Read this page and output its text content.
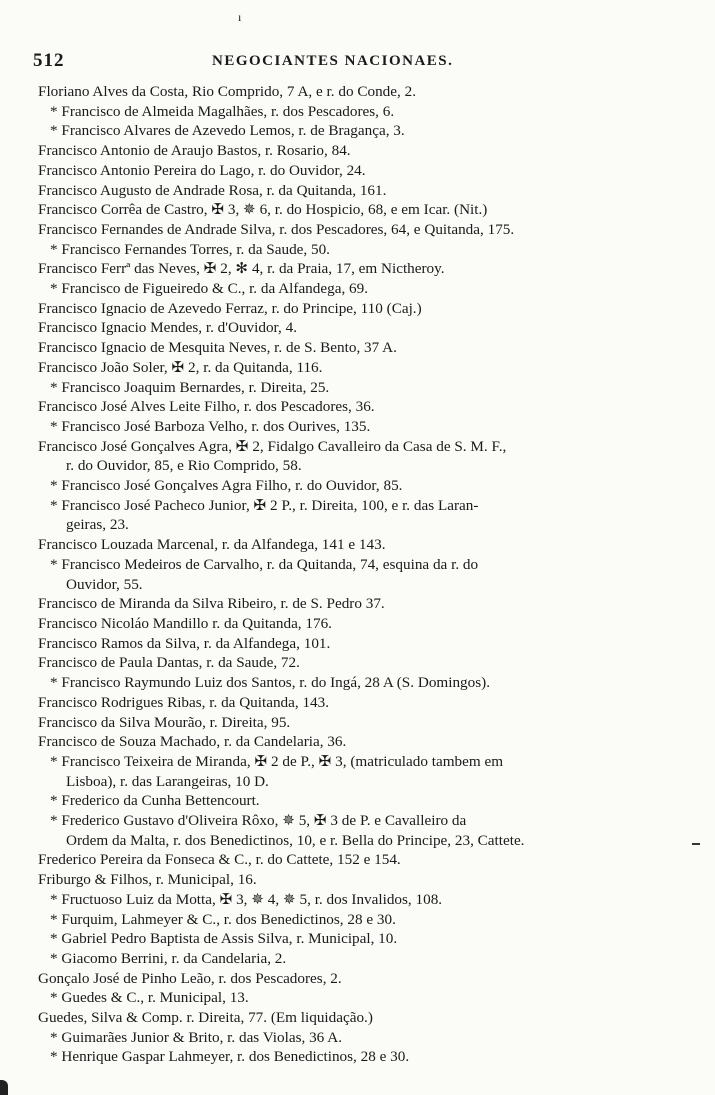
ı
512	NEGOCIANTES NACIONAES.
Floriano Alves da Costa, Rio Comprido, 7 A, e r. do Conde, 2.
* Francisco de Almeida Magalhães, r. dos Pescadores, 6.
* Francisco Alvares de Azevedo Lemos, r. de Bragança, 3.
Francisco Antonio de Araujo Bastos, r. Rosario, 84.
Francisco Antonio Pereira do Lago, r. do Ouvidor, 24.
Francisco Augusto de Andrade Rosa, r. da Quitanda, 161.
Francisco Corrêa de Castro, ✠ 3, ✵ 6, r. do Hospicio, 68, e em Icar. (Nit.)
Francisco Fernandes de Andrade Silva, r. dos Pescadores, 64, e Quitanda, 175.
* Francisco Fernandes Torres, r. da Saude, 50.
Francisco Ferrª das Neves, ✠ 2, ✻ 4, r. da Praia, 17, em Nictheroy.
* Francisco de Figueiredo & C., r. da Alfandega, 69.
Francisco Ignacio de Azevedo Ferraz, r. do Principe, 110 (Caj.)
Francisco Ignacio Mendes, r. d'Ouvidor, 4.
Francisco Ignacio de Mesquita Neves, r. de S. Bento, 37 A.
Francisco João Soler, ✠ 2, r. da Quitanda, 116.
* Francisco Joaquim Bernardes, r. Direita, 25.
Francisco José Alves Leite Filho, r. dos Pescadores, 36.
* Francisco José Barboza Velho, r. dos Ourives, 135.
Francisco José Gonçalves Agra, ✠ 2, Fidalgo Cavalleiro da Casa de S. M. F.,
r. do Ouvidor, 85, e Rio Comprido, 58.
* Francisco José Gonçalves Agra Filho, r. do Ouvidor, 85.
* Francisco José Pacheco Junior, ✠ 2 P., r. Direita, 100, e r. das Laran-
geiras, 23.
Francisco Louzada Marcenal, r. da Alfandega, 141 e 143.
* Francisco Medeiros de Carvalho, r. da Quitanda, 74, esquina da r. do
Ouvidor, 55.
Francisco de Miranda da Silva Ribeiro, r. de S. Pedro 37.
Francisco Nicoláo Mandillo r. da Quitanda, 176.
Francisco Ramos da Silva, r. da Alfandega, 101.
Francisco de Paula Dantas, r. da Saude, 72.
* Francisco Raymundo Luiz dos Santos, r. do Ingá, 28 A (S. Domingos).
Francisco Rodrigues Ribas, r. da Quitanda, 143.
Francisco da Silva Mourão, r. Direita, 95.
Francisco de Souza Machado, r. da Candelaria, 36.
* Francisco Teixeira de Miranda, ✠ 2 de P., ✠ 3, (matriculado tambem em
Lisboa), r. das Larangeiras, 10 D.
* Frederico da Cunha Bettencourt.
* Frederico Gustavo d'Oliveira Rôxo, ✵ 5, ✠ 3 de P. e Cavalleiro da
Ordem da Malta, r. dos Benedictinos, 10, e r. Bella do Principe, 23, Cattete.
Frederico Pereira da Fonseca & C., r. do Cattete, 152 e 154.
Friburgo & Filhos, r. Municipal, 16.
* Fructuoso Luiz da Motta, ✠ 3, ✵ 4, ✵ 5, r. dos Invalidos, 108.
* Furquim, Lahmeyer & C., r. dos Benedictinos, 28 e 30.
* Gabriel Pedro Baptista de Assis Silva, r. Municipal, 10.
* Giacomo Berrini, r. da Candelaria, 2.
Gonçalo José de Pinho Leão, r. dos Pescadores, 2.
* Guedes & C., r. Municipal, 13.
Guedes, Silva & Comp. r. Direita, 77. (Em liquidação.)
* Guimarães Junior & Brito, r. das Violas, 36 A.
* Henrique Gaspar Lahmeyer, r. dos Benedictinos, 28 e 30.
